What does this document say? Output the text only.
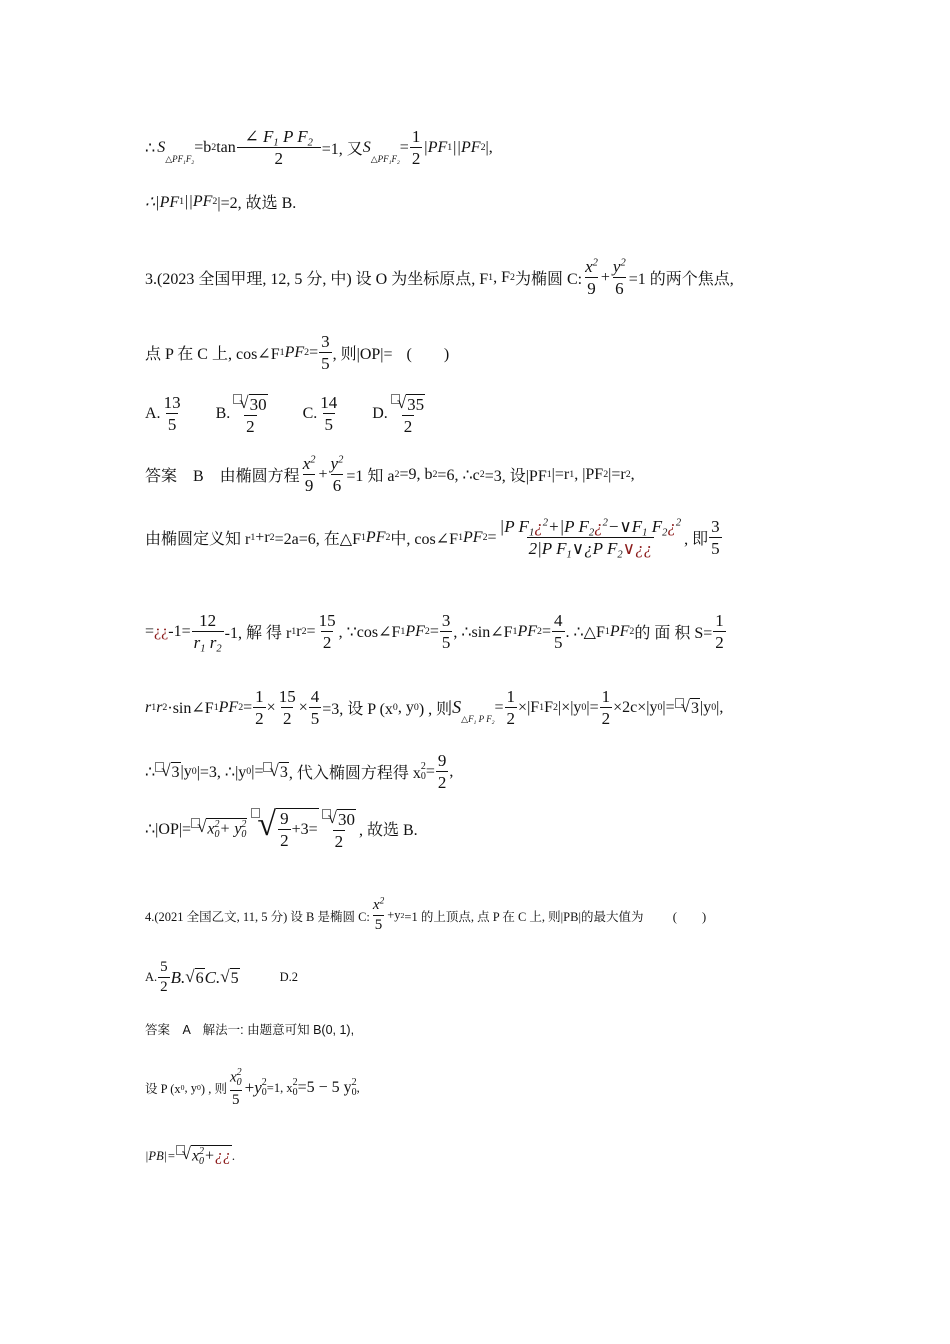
∴ S
$\triangle PF_1F_2$
=b 2 $\tan \frac{\angle F_1 P F_2}{2} =1$, 又 S
$\triangle PF_1F_2$
= $\frac{1}{2} |PF$ 1 ||PF 2 |,
∴|PF 1 ||PF 2 |=2, 故选 B.
3.(2023 全国甲理, 12, 5 分, 中) 设 O 为坐标原点, F 1 , F 2 为椭圆 C: $\frac{x^2}{9} + \frac{y^2}{6} =1$ 的两个焦点,
点 P 在 C 上, cos∠F 1 PF $2 = \frac{3}{5}$ , 则|OP|= (　　)
A. $\frac{13}{5} B$. $\frac{√ 30}{2} C$. $\frac{14}{5} D$. $\frac{√ 35}{2}$
答案　B　由椭圆方程 $\frac{x^2}{9} + \frac{y^2}{6} =1$ 知 a 2 =9, b 2 =6, ∴c 2 =3, 设|PF 1 |=r 1 , |PF 2 |=r 2 ,
由椭圆定义知 r 1 +r 2 =2a=6, 在△F 1 PF 2 中, cos∠F 1 PF $2 = \frac{|P F_1¿^2+|P F_2¿^2-\vee F_1 F_2¿^2}{2|P F_1\vee¿P F_2\vee¿¿}$ , 即 $\frac{3}{5}$
= ¿¿ $-1= \frac{12}{r_1 r_2} -1$, 解 得 r 1 r $2 = \frac{15}{2}$ , ∵cos∠F 1 PF $2 = \frac{3}{5}$ , ∴sin∠F 1 PF $2 = \frac{4}{5}$ . ∴△F 1 PF 2 的 面 积 $S= \frac{1}{2}$
r 1 r 2 ·sin∠F 1 PF $2 = \frac{1}{2} \times \frac{15}{2} \times \frac{4}{5} =3$, 设 P (x 0 , y 0 ) , 则 S
$\triangle F_1$ P $F_2$
= $\frac{1}{2} \times|F$ 1 F 2 |×|y 0 |= $\frac{1}{2} \times 2c\times|y$ 0 |= √ 3 |y 0 |,
∴ √ 3 |y 0 |=3, ∴|y 0 |= √ 3 , 代入椭圆方程得 x 2
$0 = \frac{9}{2}$ ,
∴|OP|= √ x 2
0 + y 2
0 √ $\frac{9}{2} +3= \frac{√ 30}{2}$ , 故选 B.
4.(2021 全国乙文, 11, 5 分) 设 B 是椭圆 C: $\frac{x^2}{5} +y$ 2 =1 的上顶点, 点 P 在 C 上, 则|PB|的最大值为 (　　)
A. $\frac{5}{2} B$. √ 6 C. √ 5	D.2
答案　A　解法一: 由题意可知 B(0, 1),
设 P (x 0 , y 0 ) , 则 x 2
0
5 + y 2
0 =1, x 2
0 =5 − 5 y 2
0 ,
|PB|= √ x 2
0 +¿¿ .
